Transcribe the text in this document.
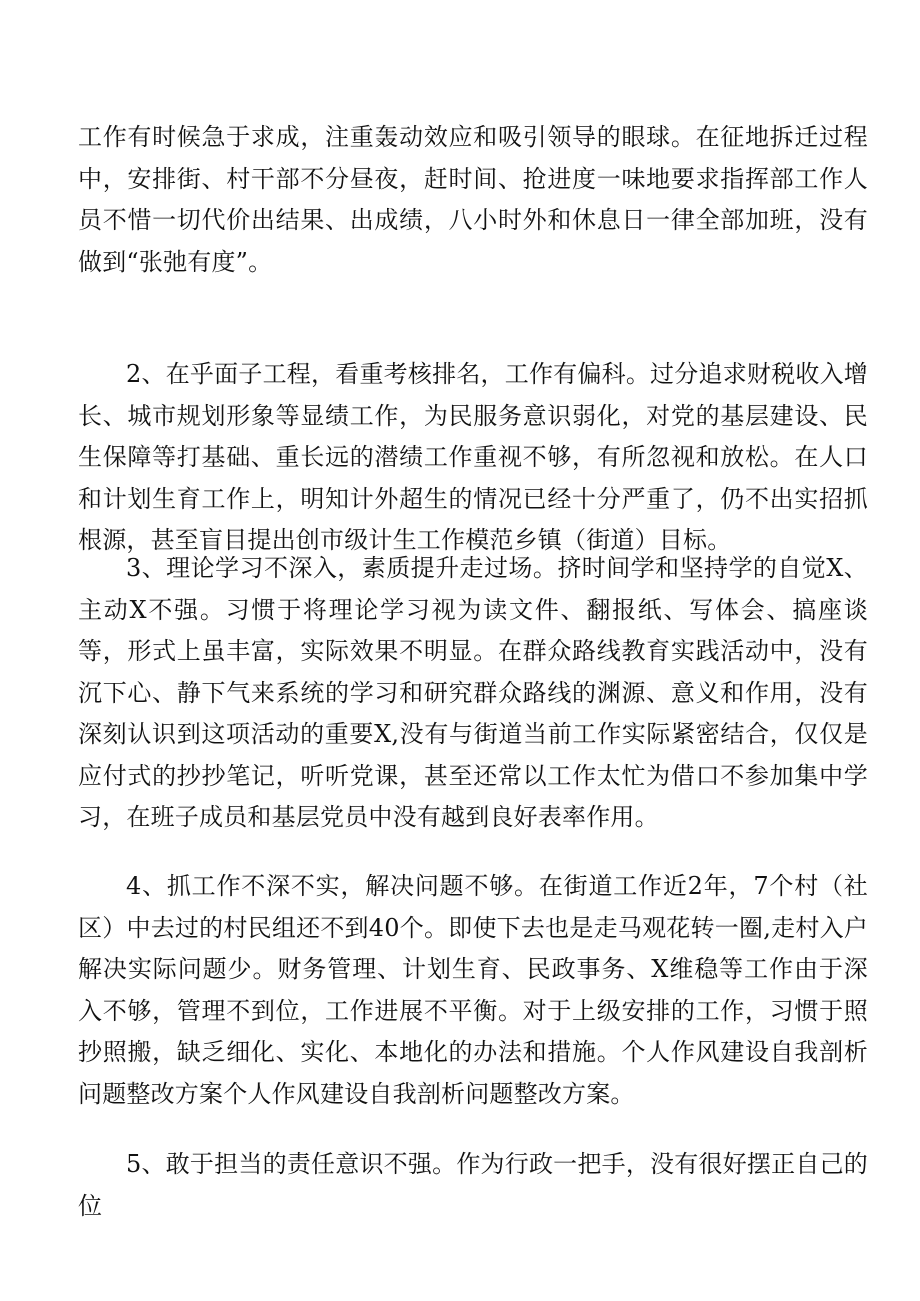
工作有时候急于求成，注重轰动效应和吸引领导的眼球。在征地拆迁过程中，安排街、村干部不分昼夜，赶时间、抢进度一味地要求指挥部工作人员不惜一切代价出结果、出成绩，八小时外和休息日一律全部加班，没有做到“张弛有度”。

2、在乎面子工程，看重考核排名，工作有偏科。过分追求财税收入增长、城市规划形象等显绩工作，为民服务意识弱化，对党的基层建设、民生保障等打基础、重长远的潜绩工作重视不够，有所忽视和放松。在人口和计划生育工作上，明知计外超生的情况已经十分严重了，仍不出实招抓根源，甚至盲目提出创市级计生工作模范乡镇（街道）目标。

3、理论学习不深入，素质提升走过场。挤时间学和坚持学的自觉X、主动X不强。习惯于将理论学习视为读文件、翻报纸、写体会、搞座谈等，形式上虽丰富，实际效果不明显。在群众路线教育实践活动中，没有沉下心、静下气来系统的学习和研究群众路线的渊源、意义和作用，没有深刻认识到这项活动的重要X,没有与街道当前工作实际紧密结合，仅仅是应付式的抄抄笔记，听听党课，甚至还常以工作太忙为借口不参加集中学习，在班子成员和基层党员中没有越到良好表率作用。

4、抓工作不深不实，解决问题不够。在街道工作近2年，7个村（社区）中去过的村民组还不到40个。即使下去也是走马观花转一圈,走村入户解决实际问题少。财务管理、计划生育、民政事务、X维稳等工作由于深入不够，管理不到位，工作进展不平衡。对于上级安排的工作，习惯于照抄照搬，缺乏细化、实化、本地化的办法和措施。个人作风建设自我剖析问题整改方案个人作风建设自我剖析问题整改方案。

5、敢于担当的责任意识不强。作为行政一把手，没有很好摆正自己的位
